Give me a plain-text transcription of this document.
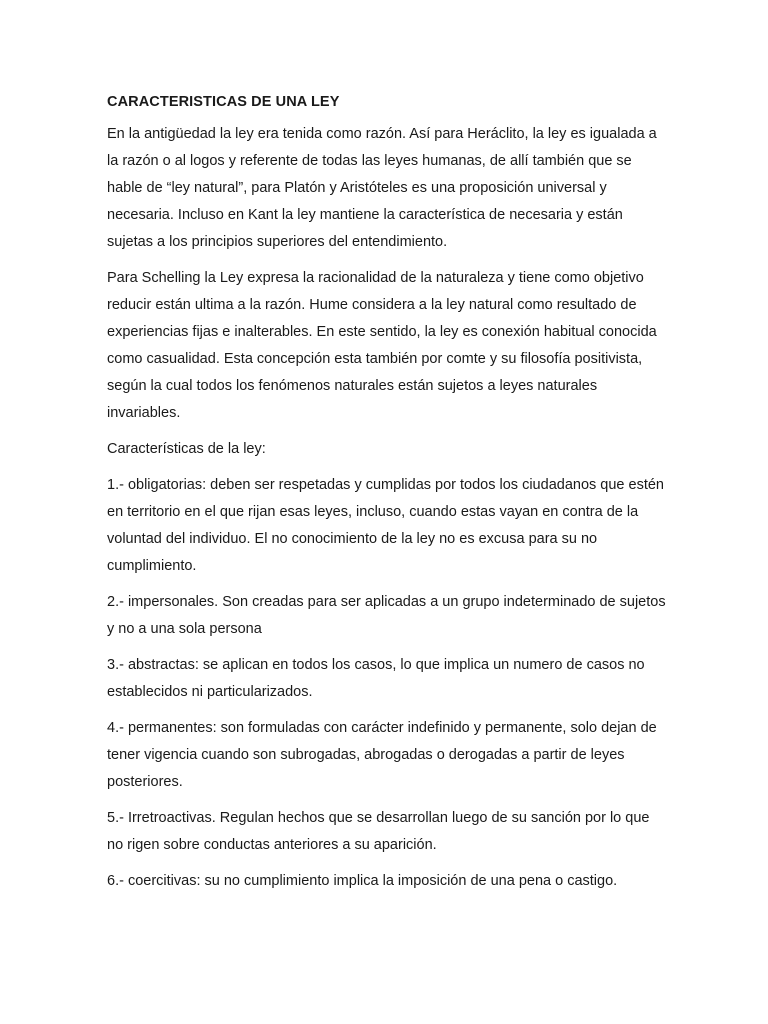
CARACTERISTICAS DE UNA LEY

En la antigüedad la ley era tenida como razón. Así para Heráclito, la ley es igualada a la razón o al logos y referente de todas las leyes humanas, de allí también que se hable de “ley natural”, para Platón y Aristóteles es una proposición universal y necesaria. Incluso en Kant la ley mantiene la característica de necesaria y están sujetas a los principios superiores del entendimiento.

Para Schelling la Ley expresa la racionalidad de la naturaleza y tiene como objetivo reducir están ultima a la razón. Hume considera a la ley natural como resultado de experiencias fijas e inalterables. En este sentido, la ley es conexión habitual conocida como casualidad. Esta concepción esta también por comte y su filosofía positivista, según la cual todos los fenómenos naturales están sujetos a leyes naturales invariables.

Características de la ley:

1.- obligatorias: deben ser respetadas y cumplidas por todos los ciudadanos que estén en territorio en el que rijan esas leyes, incluso, cuando estas vayan en contra de la voluntad del individuo. El no conocimiento de la ley no es excusa para su no cumplimiento.

2.- impersonales. Son creadas para ser aplicadas a un grupo indeterminado de sujetos y no a una sola persona

3.- abstractas: se aplican en todos los casos, lo que implica un numero de casos no establecidos ni particularizados.

4.- permanentes: son formuladas con carácter indefinido y permanente, solo dejan de tener vigencia cuando son subrogadas, abrogadas o derogadas a partir de leyes posteriores.

5.- Irretroactivas. Regulan hechos que se desarrollan luego de su sanción por lo que no rigen sobre conductas anteriores a su aparición.

6.- coercitivas: su no cumplimiento implica la imposición de una pena o castigo.
